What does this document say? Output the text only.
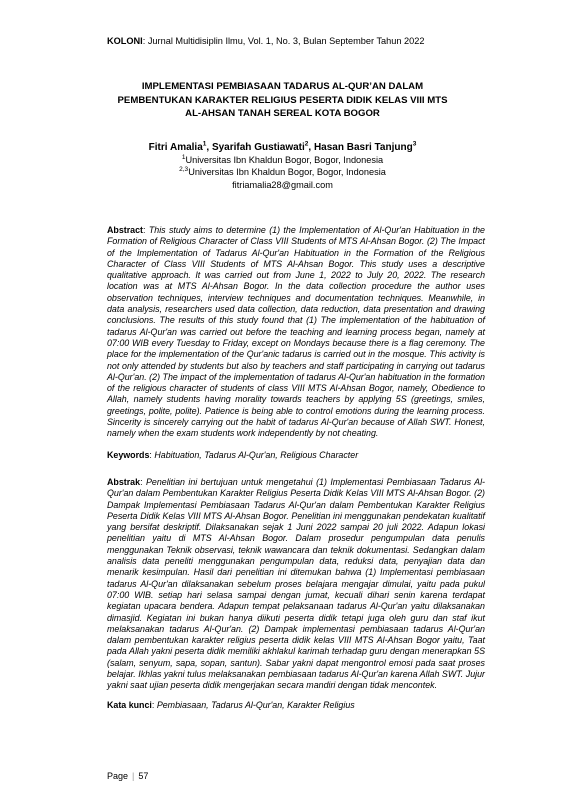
KOLONI: Jurnal Multidisiplin Ilmu, Vol. 1, No. 3, Bulan September Tahun 2022
IMPLEMENTASI PEMBIASAAN TADARUS AL-QUR’AN DALAM
PEMBENTUKAN KARAKTER RELIGIUS PESERTA DIDIK KELAS VIII MTS
AL-AHSAN TANAH SEREAL KOTA BOGOR
Fitri Amalia$^1$, Syarifah Gustiawati$^2$, Hasan Basri Tanjung$^3$
$^1$Universitas Ibn Khaldun Bogor, Bogor, Indonesia
$^{2,3}$Universitas Ibn Khaldun Bogor, Bogor, Indonesia
fitriamalia28@gmail.com
Abstract: This study aims to determine (1) the Implementation of Al-Qur'an Habituation in the Formation of Religious Character of Class VIII Students of MTS Al-Ahsan Bogor. (2) The Impact of the Implementation of Tadarus Al-Qur'an Habituation in the Formation of the Religious Character of Class VIII Students of MTS Al-Ahsan Bogor. This study uses a descriptive qualitative approach. It was carried out from June 1, 2022 to July 20, 2022. The research location was at MTS Al-Ahsan Bogor. In the data collection procedure the author uses observation techniques, interview techniques and documentation techniques. Meanwhile, in data analysis, researchers used data collection, data reduction, data presentation and drawing conclusions. The results of this study found that (1) The implementation of the habituation of tadarus Al-Qur'an was carried out before the teaching and learning process began, namely at 07:00 WIB every Tuesday to Friday, except on Mondays because there is a flag ceremony. The place for the implementation of the Qur'anic tadarus is carried out in the mosque. This activity is not only attended by students but also by teachers and staff participating in carrying out tadarus Al-Qur'an. (2) The impact of the implementation of tadarus Al-Qur'an habituation in the formation of the religious character of students of class VIII MTS Al-Ahsan Bogor, namely, Obedience to Allah, namely students having morality towards teachers by applying 5S (greetings, smiles, greetings, polite, polite). Patience is being able to control emotions during the learning process. Sincerity is sincerely carrying out the habit of tadarus Al-Qur'an because of Allah SWT. Honest, namely when the exam students work independently by not cheating.
Keywords: Habituation, Tadarus Al-Qur'an, Religious Character
Abstrak: Penelitian ini bertujuan untuk mengetahui (1) Implementasi Pembiasaan Tadarus Al-Qur'an dalam Pembentukan Karakter Religius Peserta Didik Kelas VIII MTS Al-Ahsan Bogor. (2) Dampak Implementasi Pembiasaan Tadarus Al-Qur'an dalam Pembentukan Karakter Religius Peserta Didik Kelas VIII MTS Al-Ahsan Bogor. Penelitian ini menggunakan pendekatan kualitatif yang bersifat deskriptif. Dilaksanakan sejak 1 Juni 2022 sampai 20 juli 2022. Adapun lokasi penelitian yaitu di MTS Al-Ahsan Bogor. Dalam prosedur pengumpulan data penulis menggunakan Teknik observasi, teknik wawancara dan teknik dokumentasi. Sedangkan dalam analisis data peneliti menggunakan pengumpulan data, reduksi data, penyajian data dan menarik kesimpulan. Hasil dari penelitian ini ditemukan bahwa (1) Implementasi pembiasaan tadarus Al-Qur'an dilaksanakan sebelum proses belajara mengajar dimulai, yaitu pada pukul 07:00 WIB. setiap hari selasa sampai dengan jumat, kecuali dihari senin karena terdapat kegiatan upacara bendera. Adapun tempat pelaksanaan tadarus Al-Qur'an yaitu dilaksanakan dimasjid. Kegiatan ini bukan hanya diikuti peserta didik tetapi juga oleh guru dan staf ikut melaksanakan tadarus Al-Qur'an. (2) Dampak implementasi pembiasaan tadarus Al-Qur'an dalam pembentukan karakter religius peserta didik kelas VIII MTS Al-Ahsan Bogor yaitu, Taat pada Allah yakni peserta didik memiliki akhlakul karimah terhadap guru dengan menerapkan 5S (salam, senyum, sapa, sopan, santun). Sabar yakni dapat mengontrol emosi pada saat proses belajar. Ikhlas yakni tulus melaksanakan pembiasaan tadarus Al-Qur'an karena Allah SWT. Jujur yakni saat ujian peserta didik mengerjakan secara mandiri dengan tidak mencontek.
Kata kunci: Pembiasaan, Tadarus Al-Qur'an, Karakter Religius
Page | 57
